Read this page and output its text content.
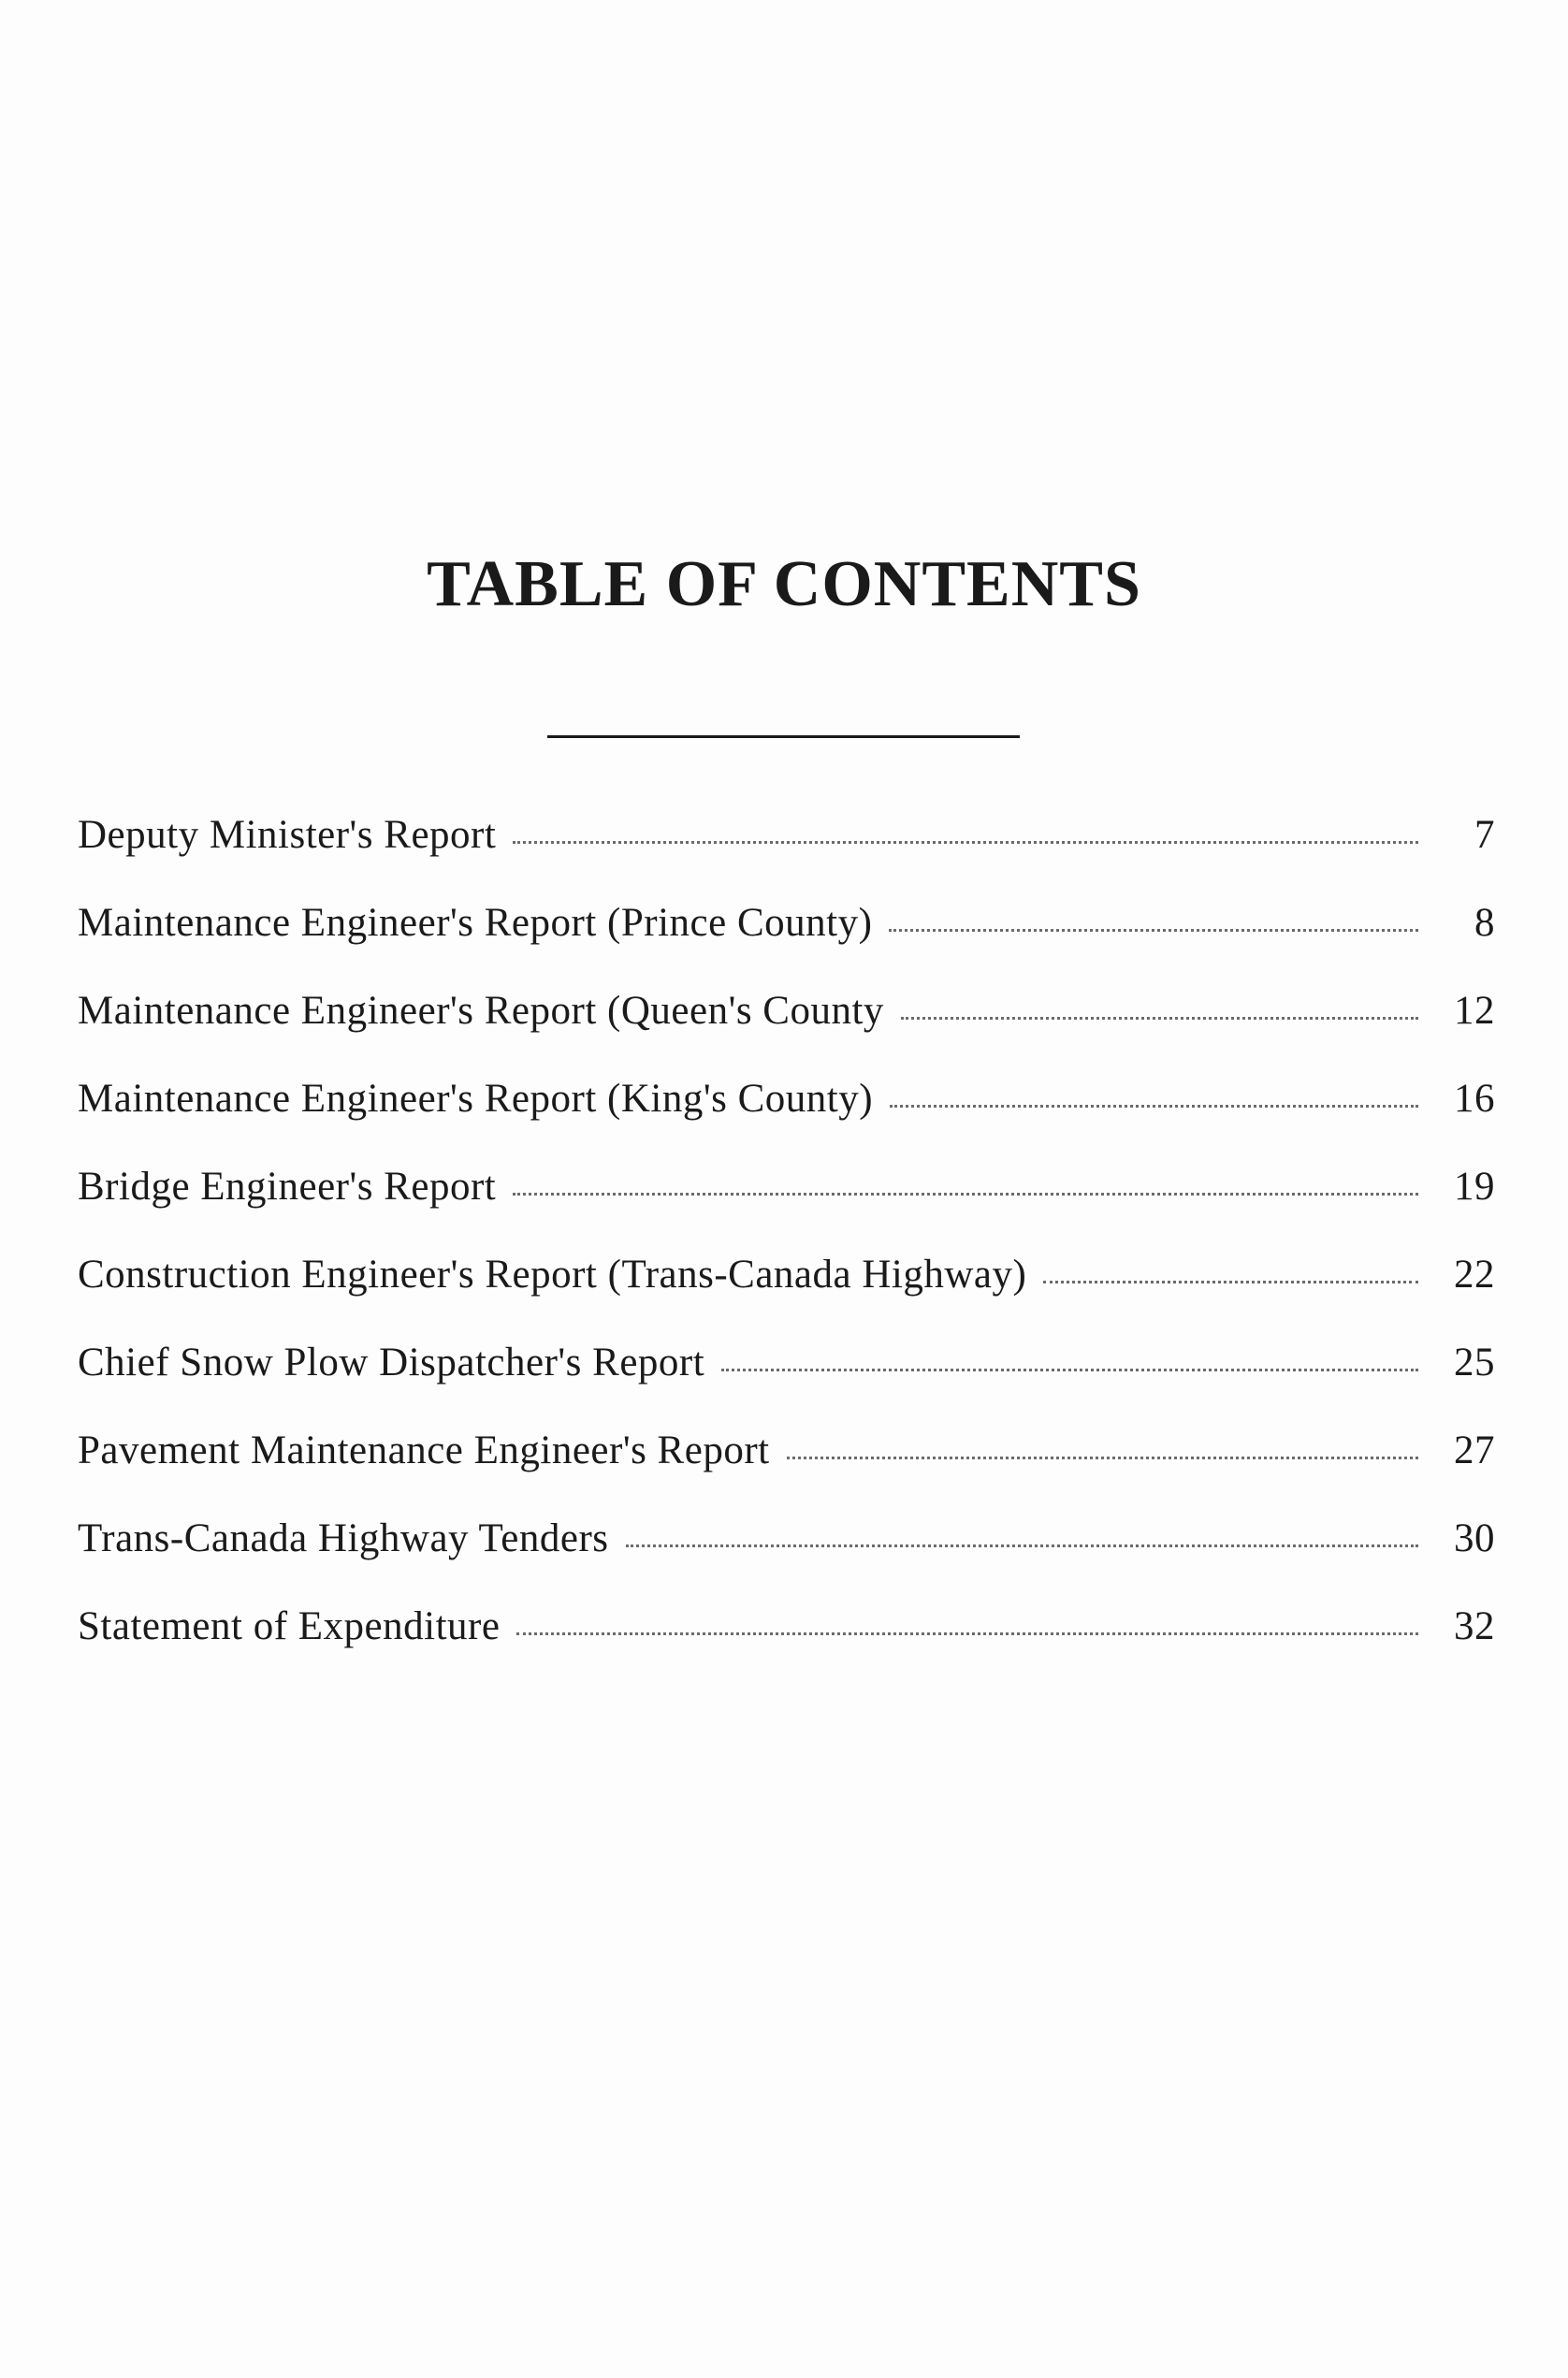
TABLE OF CONTENTS
Deputy Minister's Report	7
Maintenance Engineer's Report (Prince County)	8
Maintenance Engineer's Report (Queen's County	12
Maintenance Engineer's Report (King's County)	16
Bridge Engineer's Report	19
Construction Engineer's Report (Trans-Canada Highway)	22
Chief Snow Plow Dispatcher's Report	25
Pavement Maintenance Engineer's Report	27
Trans-Canada Highway Tenders	30
Statement of Expenditure	32
